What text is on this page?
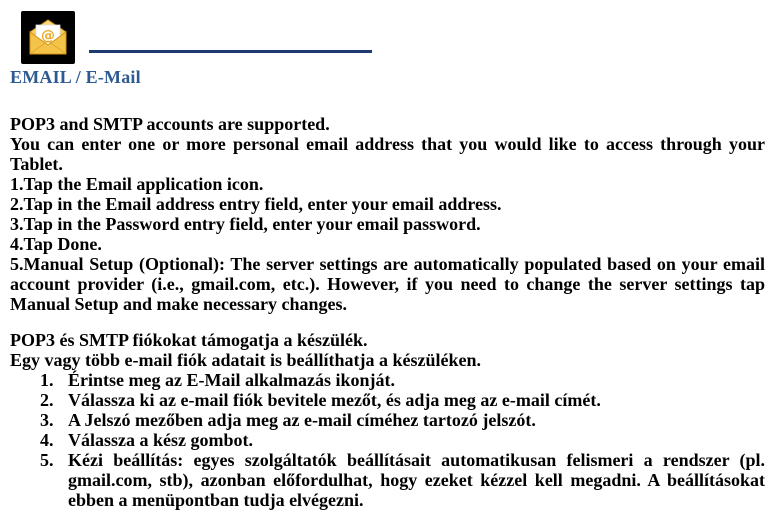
@
EMAIL / E-Mail

POP3 and SMTP accounts are supported.

You can enter one or more personal email address that you would like to access through your Tablet.

1.Tap the Email application icon.

2.Tap in the Email address entry field, enter your email address.

3.Tap in the Password entry field, enter your email password.

4.Tap Done.

5.Manual Setup (Optional): The server settings are automatically populated based on your email account provider (i.e., gmail.com, etc.). However, if you need to change the server settings tap Manual Setup and make necessary changes.

POP3 és SMTP fiókokat támogatja a készülék.

Egy vagy több e-mail fiók adatait is beállíthatja a készüléken.

1. Érintse meg az E-Mail alkalmazás ikonját.
2. Válassza ki az e-mail fiók bevitele mezőt, és adja meg az e-mail címét.
3. A Jelszó mezőben adja meg az e-mail címéhez tartozó jelszót.
4. Válassza a kész gombot.
5. Kézi beállítás: egyes szolgáltatók beállításait automatikusan felismeri a rendszer (pl. gmail.com, stb), azonban előfordulhat, hogy ezeket kézzel kell megadni. A beállításokat ebben a menüpontban tudja elvégezni.
